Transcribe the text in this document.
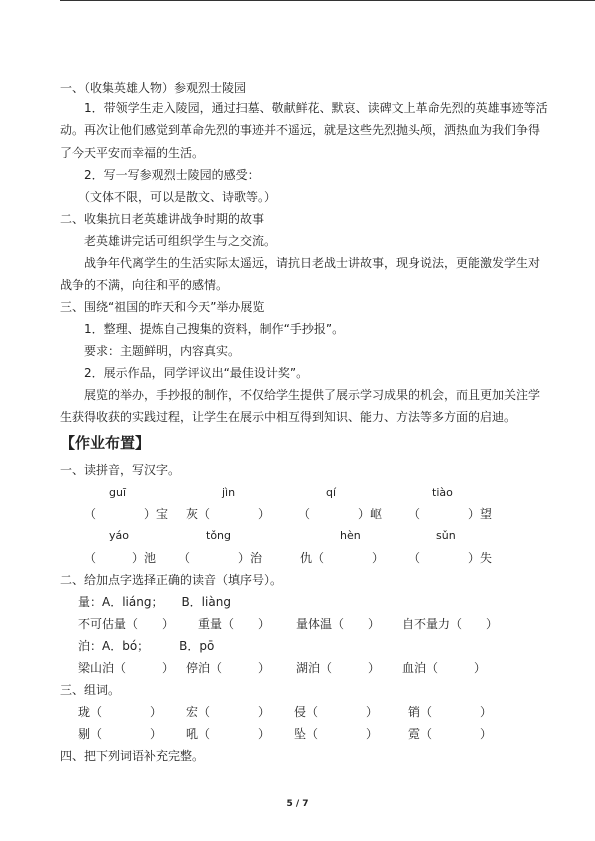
一、（收集英雄人物）参观烈士陵园
1．带领学生走入陵园，通过扫墓、敬献鲜花、默哀、读碑文上革命先烈的英雄事迹等活
动。再次让他们感觉到革命先烈的事迹并不遥远，就是这些先烈抛头颅，洒热血为我们争得
了今天平安而幸福的生活。
2．写一写参观烈士陵园的感受：
（文体不限，可以是散文、诗歌等。）
二、收集抗日老英雄讲战争时期的故事
老英雄讲完话可组织学生与之交流。
战争年代离学生的生活实际太遥远，请抗日老战士讲故事，现身说法，更能激发学生对
战争的不满，向往和平的感情。
三、围绕“祖国的昨天和今天”举办展览
1．整理、提炼自己搜集的资料，制作“手抄报”。
要求：主题鲜明，内容真实。
2．展示作品，同学评议出“最佳设计奖”。
展览的举办，手抄报的制作，不仅给学生提供了展示学习成果的机会，而且更加关注学
生获得收获的实践过程，让学生在展示中相互得到知识、能力、方法等多方面的启迪。
【作业布置】
一、读拼音，写汉字。
guī	jìn	qí	tiào
（　　　　）宝 灰（　　　　） （　　　　）岖 （　　　　）望
yáo	tǒng	hèn	sǔn
（　　　）池 （　　　　）治	仇（　　　　） （　　　　）失
二、给加点字选择正确的读音（填序号）。
量：A．liáng；　　B．liàng
不可估量（　　） 重量（　　） 量体温（　　） 自不量力（　　）
泊：A．bó；　　　B．pō
梁山泊（　　　） 停泊（　　　） 湖泊（　　　） 血泊（　　　）
三、组词。
珑（　　　　） 宏（　　　　） 侵（　　　　） 销（　　　　）
剔（　　　　） 吼（　　　　） 坠（　　　　） 霓（　　　　）
四、把下列词语补充完整。
5 / 7
